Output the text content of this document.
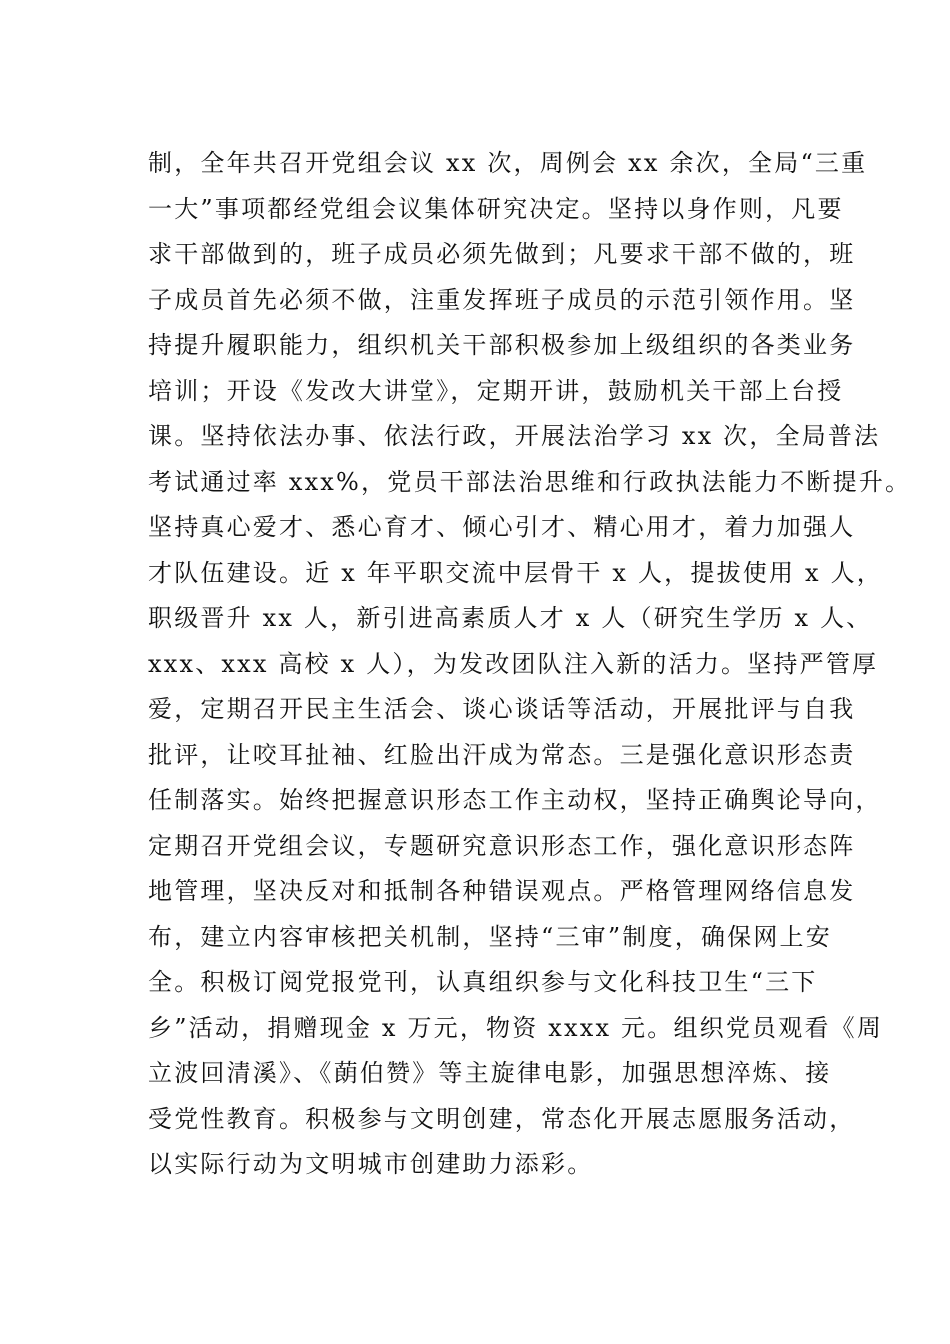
制，全年共召开党组会议 xx 次，周例会 xx 余次，全局“三重
一大”事项都经党组会议集体研究决定。坚持以身作则，凡要
求干部做到的，班子成员必须先做到；凡要求干部不做的，班
子成员首先必须不做，注重发挥班子成员的示范引领作用。坚
持提升履职能力，组织机关干部积极参加上级组织的各类业务
培训；开设《发改大讲堂》，定期开讲，鼓励机关干部上台授
课。坚持依法办事、依法行政，开展法治学习 xx 次，全局普法
考试通过率 xxx%，党员干部法治思维和行政执法能力不断提升。
坚持真心爱才、悉心育才、倾心引才、精心用才，着力加强人
才队伍建设。近 x 年平职交流中层骨干 x 人，提拔使用 x 人，
职级晋升 xx 人，新引进高素质人才 x 人（研究生学历 x 人、
xxx、xxx 高校 x 人），为发改团队注入新的活力。坚持严管厚
爱，定期召开民主生活会、谈心谈话等活动，开展批评与自我
批评，让咬耳扯袖、红脸出汗成为常态。三是强化意识形态责
任制落实。始终把握意识形态工作主动权，坚持正确舆论导向，
定期召开党组会议，专题研究意识形态工作，强化意识形态阵
地管理，坚决反对和抵制各种错误观点。严格管理网络信息发
布，建立内容审核把关机制，坚持“三审”制度，确保网上安
全。积极订阅党报党刊，认真组织参与文化科技卫生“三下
乡”活动，捐赠现金 x 万元，物资 xxxx 元。组织党员观看《周
立波回清溪》、《蓢伯赞》等主旋律电影，加强思想淬炼、接
受党性教育。积极参与文明创建，常态化开展志愿服务活动，
以实际行动为文明城市创建助力添彩。
